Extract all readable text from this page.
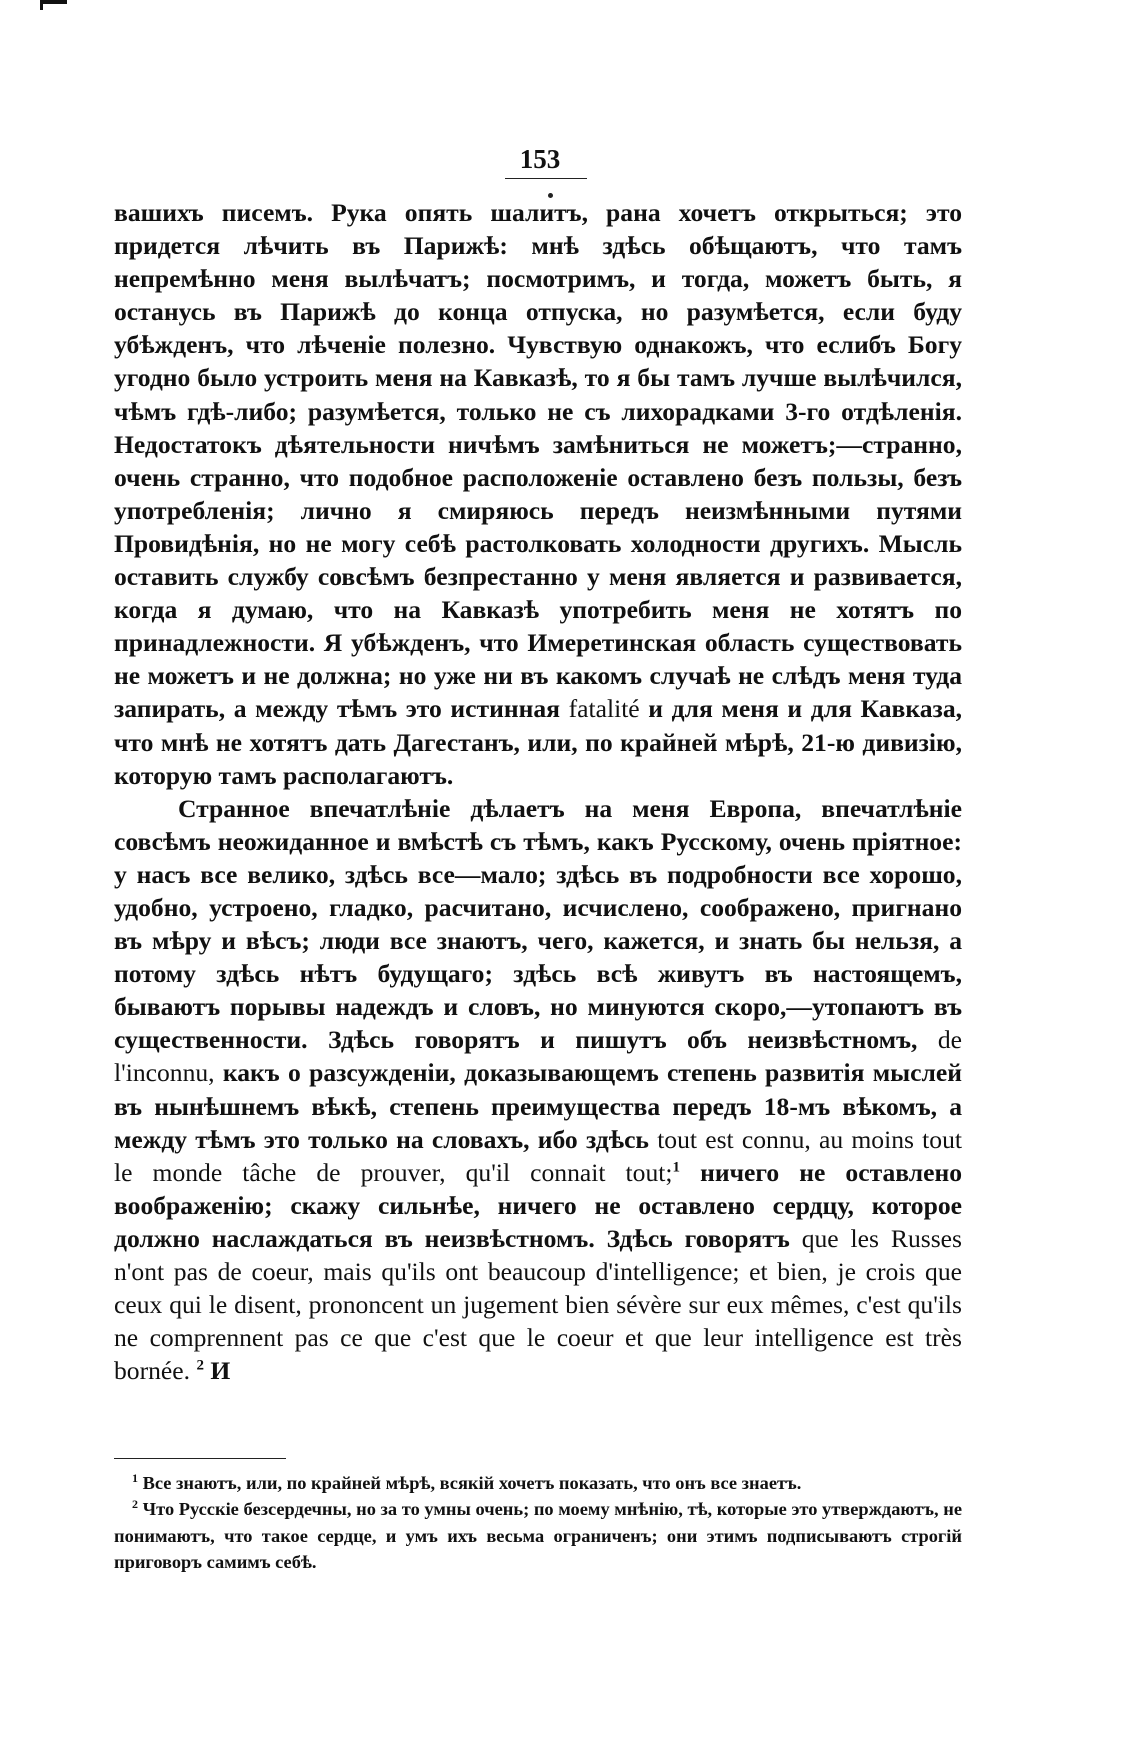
153

вашихъ писемъ. Рука опять шалитъ, рана хочетъ открыться; это придется лѣчить въ Парижѣ: мнѣ здѣсь обѣщаютъ, что тамъ непремѣнно меня вылѣчатъ; посмотримъ, и тогда, можетъ быть, я останусь въ Парижѣ до конца отпуска, но разумѣется, если буду убѣжденъ, что лѣченіе полезно. Чувствую однакожъ, что еслибъ Богу угодно было устроить меня на Кавказѣ, то я бы тамъ лучше вылѣчился, чѣмъ гдѣ-либо; разумѣется, только не съ лихорадками 3-го отдѣленія. Недостатокъ дѣятельности ничѣмъ замѣниться не можетъ;—странно, очень странно, что подобное расположеніе оставлено безъ пользы, безъ употребленія; лично я смиряюсь передъ неизмѣнными путями Провидѣнія, но не могу себѣ растолковать холодности другихъ. Мысль оставить службу совсѣмъ безпрестанно у меня является и развивается, когда я думаю, что на Кавказѣ употребить меня не хотятъ по принадлежности. Я убѣжденъ, что Имеретинская область существовать не можетъ и не должна; но уже ни въ какомъ случаѣ не слѣдъ меня туда запирать, а между тѣмъ это истинная fatalité и для меня и для Кавказа, что мнѣ не хотятъ дать Дагестанъ, или, по крайней мѣрѣ, 21-ю дивизію, которую тамъ располагаютъ.

Странное впечатлѣніе дѣлаетъ на меня Европа, впечатлѣніе совсѣмъ неожиданное и вмѣстѣ съ тѣмъ, какъ Русскому, очень пріятное: у насъ все велико, здѣсь все—мало; здѣсь въ подробности все хорошо, удобно, устроено, гладко, расчитано, исчислено, соображено, пригнано въ мѣру и вѣсъ; люди все знаютъ, чего, кажется, и знать бы нельзя, а потому здѣсь нѣтъ будущаго; здѣсь всѣ живутъ въ настоящемъ, бываютъ порывы надеждъ и словъ, но минуются скоро,—утопаютъ въ существенности. Здѣсь говорятъ и пишутъ объ неизвѣстномъ, de l'inconnu, какъ о разсужденіи, доказывающемъ степень развитія мыслей въ нынѣшнемъ вѣкѣ, степень преимущества передъ 18-мъ вѣкомъ, а между тѣмъ это только на словахъ, ибо здѣсь tout est connu, au moins tout le monde tâche de prouver, qu'il connait tout;$^1$ ничего не оставлено воображенію; скажу сильнѣе, ничего не оставлено сердцу, которое должно наслаждаться въ неизвѣстномъ. Здѣсь говорятъ que les Russes n'ont pas de coeur, mais qu'ils ont beaucoup d'intelligence; et bien, je crois que ceux qui le disent, prononcent un jugement bien sévère sur eux mêmes, c'est qu'ils ne comprennent pas ce que c'est que le coeur et que leur intelligence est très bornée. $^2$ И

$^1$ Все знаютъ, или, по крайней мѣрѣ, всякій хочетъ показать, что онъ все знаетъ.

$^2$ Что Русскіе безсердечны, но за то умны очень; по моему мнѣнію, тѣ, которые это утверждаютъ, не понимаютъ, что такое сердце, и умъ ихъ весьма ограниченъ; они этимъ подписываютъ строгій приговоръ самимъ себѣ.
